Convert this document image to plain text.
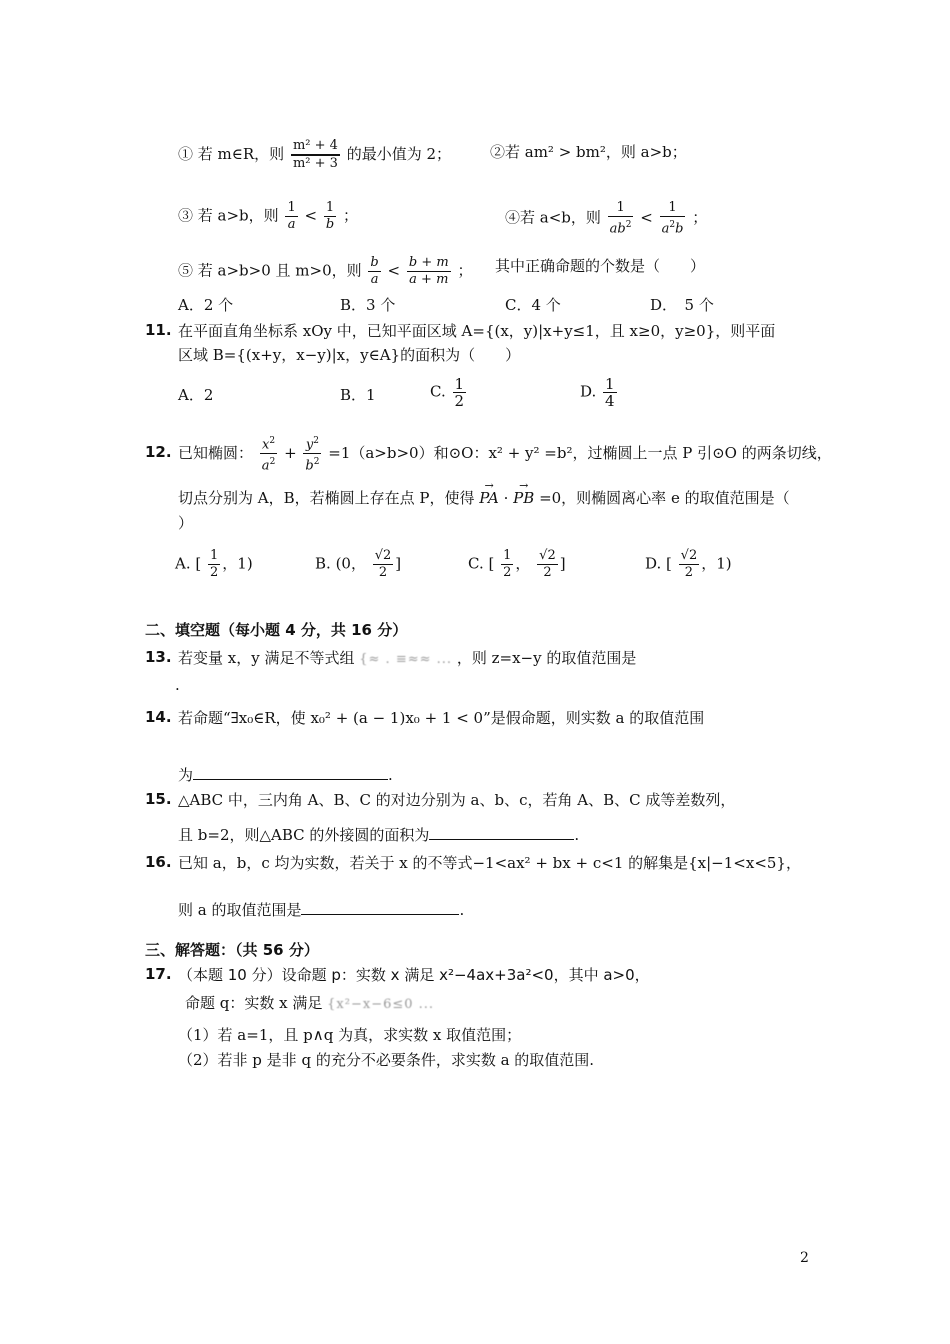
① 若 m∈R，则 $\frac{\text{m² + 4}}{\text{m² + 3}}$ 的最小值为 2；	②若 am² > bm²，则 a>b；
③ 若 a>b，则 $\frac{1}{a} < \frac{1}{b}$ ；	④若 a<b，则 $\frac{1}{ab^2} < \frac{1}{a^2b}$ ；
⑤ 若 a>b>0 且 m>0，则 $\frac{b}{a} < \frac{b + m}{a + m}$ ； 其中正确命题的个数是（　　）
A．2 个	B．3 个	C．4 个	D．　5 个
11. 在平面直角坐标系 xOy 中，已知平面区域 A={(x，y)|x+y≤1，且 x≥0，y≥0}，则平面
区域 B={(x+y，x−y)|x，y∈A}的面积为（　　）
A．2	B．1	C. $\frac{1}{2}$	D. $\frac{1}{4}$
12. 已知椭圆： $\frac{x^2}{a^2} + \frac{y^2}{b^2} =1(a>b>0)$和⊙O：x² + y² =b²，过椭圆上一点 P 引⊙O 的两条切线，
切点分别为 A，B，若椭圆上存在点 P，使得 → PA · → PB =0，则椭圆离心率 e 的取值范围是（
）
A. [ $\frac{1}{2}$ ，1)	B. (0， $\frac{√2}{2}$ ]	C. [ $\frac{1}{2}$ ， $\frac{√2}{2}$ ]	D. [ $\frac{√2}{2}$ ，1)
二、填空题（每小题 4 分，共 16 分）
13. 若变量 x，y 满足不等式组 {≈ . ≡≈≈ ... ，则 z=x−y 的取值范围是
.
14. 若命题“∃x₀∈R，使 x₀² + (a − 1)x₀ + 1 < 0”是假命题，则实数 a 的取值范围
为	.
15. △ABC 中，三内角 A、B、C 的对边分别为 a、b、c，若角 A、B、C 成等差数列，
且 b=2，则△ABC 的外接圆的面积为	.
16. 已知 a，b，c 均为实数，若关于 x 的不等式−1<ax² + bx + c<1 的解集是{x|−1<x<5}，
则 a 的取值范围是	.
三、解答题：（共 56 分）
17. （本题 10 分）设命题 p：实数 x 满足 x²−4ax+3a²<0，其中 a>0，
命题 q：实数 x 满足 {x²−x−6≤0 ...
（1）若 a=1，且 p∧q 为真，求实数 x 取值范围；
（2）若非 p 是非 q 的充分不必要条件，求实数 a 的取值范围.
2
